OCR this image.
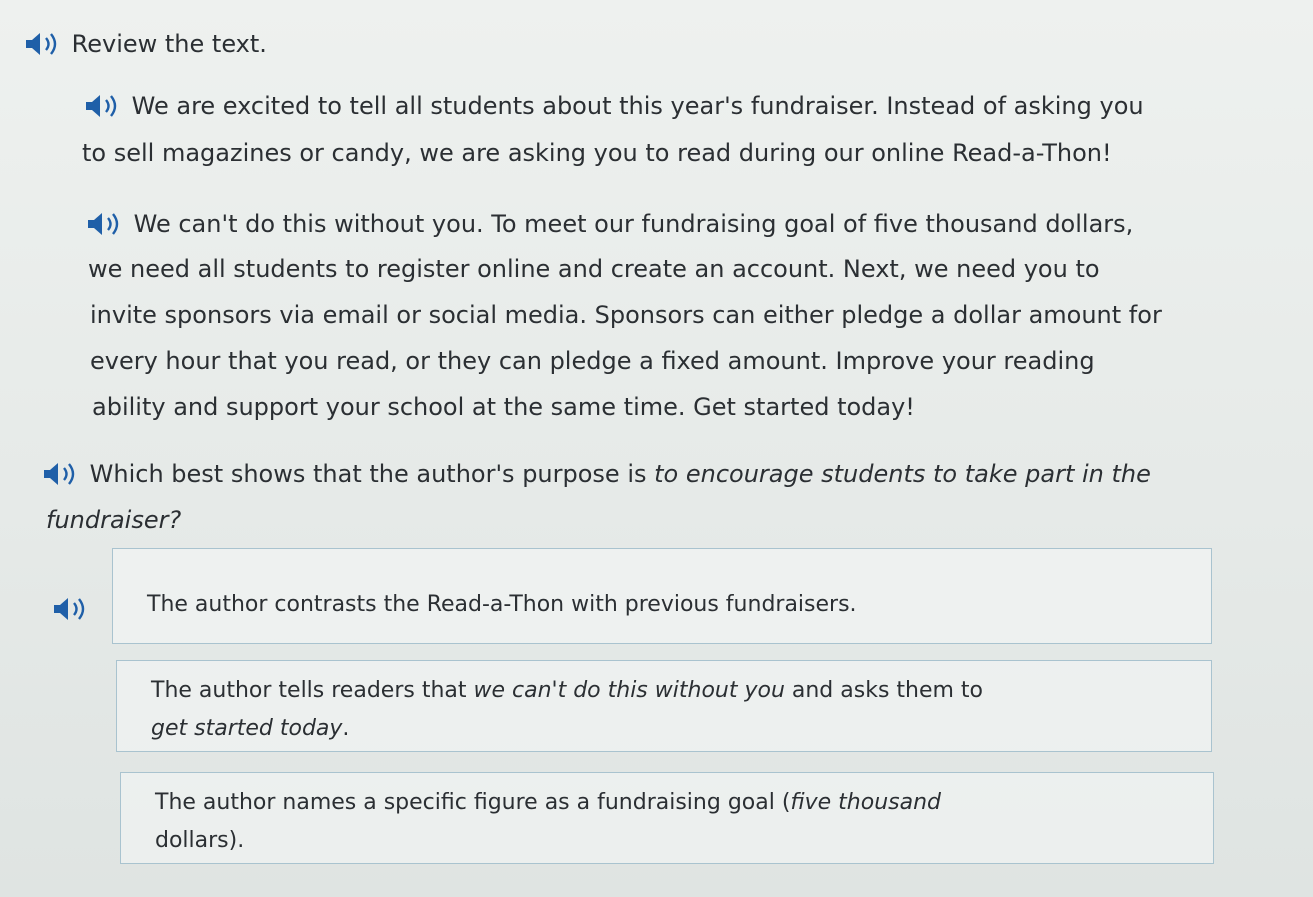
Review the text.
We are excited to tell all students about this year's fundraiser. Instead of asking you
to sell magazines or candy, we are asking you to read during our online Read-a-Thon!
We can't do this without you. To meet our fundraising goal of five thousand dollars,
we need all students to register online and create an account. Next, we need you to
invite sponsors via email or social media. Sponsors can either pledge a dollar amount for
every hour that you read, or they can pledge a fixed amount. Improve your reading
ability and support your school at the same time. Get started today!
Which best shows that the author's purpose is to encourage students to take part in the
fundraiser?
The author contrasts the Read-a-Thon with previous fundraisers.
The author tells readers that we can't do this without you and asks them to
get started today.
The author names a specific figure as a fundraising goal (five thousand
dollars).
